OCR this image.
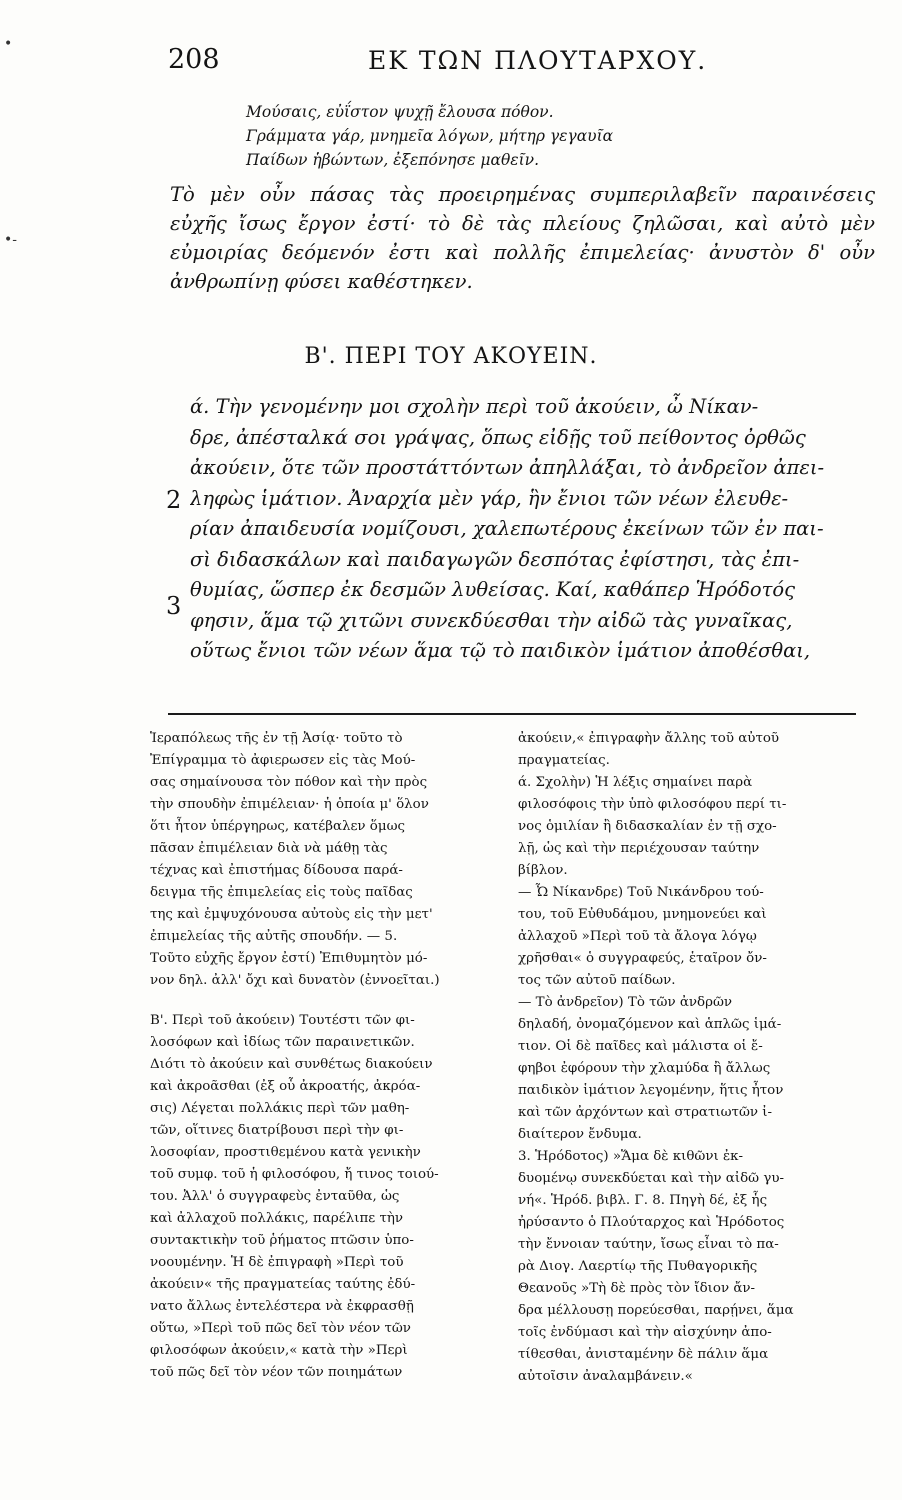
•
•-
208	ΕΚ ΤΩΝ ΠΛΟΥΤΑΡΧΟΥ.
Μούσαις, εὐΐστον ψυχῇ ἔλουσα πόθον.
Γράμματα γάρ, μνημεῖα λόγων, μήτηρ γεγαυῖα
Παίδων ἡβώντων, ἐξεπόνησε μαθεῖν.
Τὸ μὲν οὖν πάσας τὰς προειρημένας συμπεριλαβεῖν παραινέσεις εὐχῆς ἴσως ἔργον ἐστί· τὸ δὲ τὰς πλείους ζηλῶσαι, καὶ αὐτὸ μὲν εὐμοιρίας δεόμενόν ἐστι καὶ πολλῆς ἐπιμελείας· ἀνυστὸν δ' οὖν ἀνθρωπίνῃ φύσει καθέστηκεν.
Β'. ΠΕΡΙ ΤΟΥ ΑΚΟΥΕΙΝ.
ά. Τὴν γενομένην μοι σχολὴν περὶ τοῦ ἀκούειν, ὦ Νίκαν-
δρε, ἀπέσταλκά σοι γράψας, ὅπως εἰδῇς τοῦ πείθοντος ὀρθῶς
ἀκούειν, ὅτε τῶν προστάττόντων ἀπηλλάξαι, τὸ ἀνδρεῖον ἀπει-
ληφὼς ἱμάτιον. Ἀναρχία μὲν γάρ, ἣν ἔνιοι τῶν νέων ἐλευθε-
ρίαν ἀπαιδευσία νομίζουσι, χαλεπωτέρους ἐκείνων τῶν ἐν παι-
σὶ διδασκάλων καὶ παιδαγωγῶν δεσπότας ἐφίστησι, τὰς ἐπι-
θυμίας, ὥσπερ ἐκ δεσμῶν λυθείσας. Καί, καθάπερ Ἡρόδοτός
φησιν, ἅμα τῷ χιτῶνι συνεκδύεσθαι τὴν αἰδῶ τὰς γυναῖκας,
οὕτως ἔνιοι τῶν νέων ἅμα τῷ τὸ παιδικὸν ἱμάτιον ἀποθέσθαι,
2
3
Ἱεραπόλεως τῆς ἐν τῇ Ἀσίᾳ· τοῦτο τὸ
Ἐπίγραμμα τὸ ἀφιερωσεν εἰς τὰς Μού-
σας σημαίνουσα τὸν πόθον καὶ τὴν πρὸς
τὴν σπουδὴν ἐπιμέλειαν· ἡ ὁποία μ' ὅλον
ὅτι ἦτον ὑπέργηρως, κατέβαλεν ὅμως
πᾶσαν ἐπιμέλειαν διὰ νὰ μάθῃ τὰς
τέχνας καὶ ἐπιστήμας δίδουσα παρά-
δειγμα τῆς ἐπιμελείας εἰς τοὺς παῖδας
της καὶ ἐμψυχόνουσα αὐτοὺς εἰς τὴν μετ'
ἐπιμελείας τῆς αὐτῆς σπουδήν. — 5.
Τοῦτο εὐχῆς ἔργον ἐστί) Ἐπιθυμητὸν μό-
νον δηλ. ἀλλ' ὄχι καὶ δυνατὸν (ἐννοεῖται.)
Β'. Περὶ τοῦ ἀκούειν) Τουτέστι τῶν φι-
λοσόφων καὶ ἰδίως τῶν παραινετικῶν.
Διότι τὸ ἀκούειν καὶ συνθέτως διακούειν
καὶ ἀκροᾶσθαι (ἐξ οὗ ἀκροατής, ἀκρόα-
σις) Λέγεται πολλάκις περὶ τῶν μαθη-
τῶν, οἵτινες διατρίβουσι περὶ τὴν φι-
λοσοφίαν, προστιθεμένου κατὰ γενικὴν
τοῦ συμφ. τοῦ ἡ φιλοσόφου, ἤ τινος τοιού-
του. Ἀλλ' ὁ συγγραφεὺς ἐνταῦθα, ὡς
καὶ ἀλλαχοῦ πολλάκις, παρέλιπε τὴν
συντακτικὴν τοῦ ῥήματος πτῶσιν ὑπο-
νοουμένην. Ἡ δὲ ἐπιγραφὴ »Περὶ τοῦ
ἀκούειν« τῆς πραγματείας ταύτης ἐδύ-
νατο ἄλλως ἐντελέστερα νὰ ἐκφρασθῇ
οὕτω, »Περὶ τοῦ πῶς δεῖ τὸν νέον τῶν
φιλοσόφων ἀκούειν,« κατὰ τὴν »Περὶ
τοῦ πῶς δεῖ τὸν νέον τῶν ποιημάτων
ἀκούειν,« ἐπιγραφὴν ἄλλης τοῦ αὐτοῦ
πραγματείας.
ά. Σχολὴν) Ἡ λέξις σημαίνει παρὰ
φιλοσόφοις τὴν ὑπὸ φιλοσόφου περί τι-
νος ὁμιλίαν ἢ διδασκαλίαν ἐν τῇ σχο-
λῇ, ὡς καὶ τὴν περιέχουσαν ταύτην
βίβλον.
— Ὦ Νίκανδρε) Τοῦ Νικάνδρου τού-
του, τοῦ Εὐθυδάμου, μνημονεύει καὶ
ἀλλαχοῦ »Περὶ τοῦ τὰ ἄλογα λόγῳ
χρῆσθαι« ὁ συγγραφεύς, ἑταῖρον ὄν-
τος τῶν αὐτοῦ παίδων.
— Τὸ ἀνδρεῖον) Τὸ τῶν ἀνδρῶν
δηλαδή, ὀνομαζόμενον καὶ ἁπλῶς ἱμά-
τιον. Οἱ δὲ παῖδες καὶ μάλιστα οἱ ἔ-
φηβοι ἐφόρουν τὴν χλαμύδα ἢ ἄλλως
παιδικὸν ἱμάτιον λεγομένην, ἥτις ἦτον
καὶ τῶν ἀρχόντων καὶ στρατιωτῶν ἰ-
διαίτερον ἔνδυμα.
3. Ἡρόδοτος) »Ἅμα δὲ κιθῶνι ἐκ-
δυομένῳ συνεκδύεται καὶ τὴν αἰδῶ γυ-
νή«. Ἡρόδ. βιβλ. Γ. 8. Πηγὴ δέ, ἐξ ἧς
ἠρύσαντο ὁ Πλούταρχος καὶ Ἡρόδοτος
τὴν ἔννοιαν ταύτην, ἴσως εἶναι τὸ πα-
ρὰ Διογ. Λαερτίῳ τῆς Πυθαγορικῆς
Θεανοῦς »Τὴ δὲ πρὸς τὸν ἴδιον ἄν-
δρα μέλλουσῃ πορεύεσθαι, παρῄνει, ἅμα
τοῖς ἐνδύμασι καὶ τὴν αἰσχύνην ἀπο-
τίθεσθαι, ἀνισταμένην δὲ πάλιν ἅμα
αὐτοῖσιν ἀναλαμβάνειν.«
